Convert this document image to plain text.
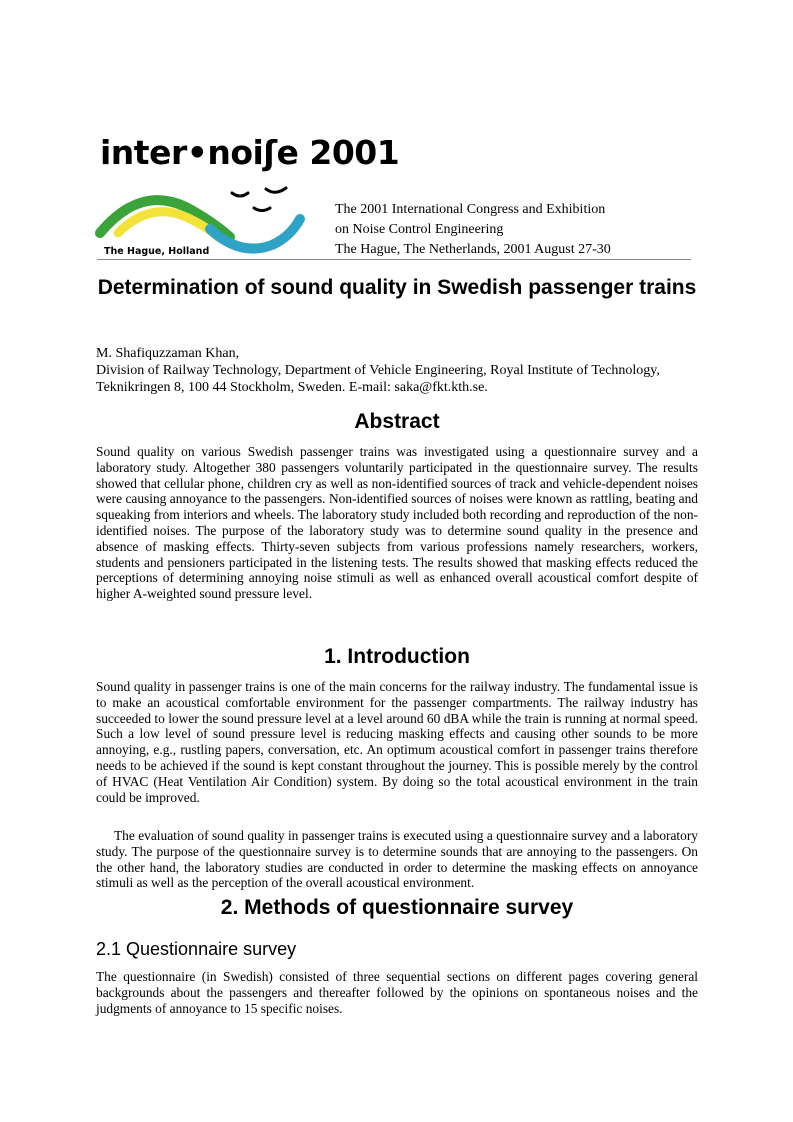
inter•noiʃe 2001
The Hague, Holland
The 2001 International Congress and Exhibition
on Noise Control Engineering
The Hague, The Netherlands, 2001 August 27-30
Determination of sound quality in Swedish passenger trains
M. Shafiquzzaman Khan,
Division of Railway Technology, Department of Vehicle Engineering, Royal Institute of Technology, Teknikringen 8, 100 44 Stockholm, Sweden. E-mail: saka@fkt.kth.se.
Abstract
Sound quality on various Swedish passenger trains was investigated using a questionnaire survey and a laboratory study. Altogether 380 passengers voluntarily participated in the questionnaire survey. The results showed that cellular phone, children cry as well as non-identified sources of track and vehicle-dependent noises were causing annoyance to the passengers. Non-identified sources of noises were known as rattling, beating and squeaking from interiors and wheels. The laboratory study included both recording and reproduction of the non-identified noises. The purpose of the laboratory study was to determine sound quality in the presence and absence of masking effects. Thirty-seven subjects from various professions namely researchers, workers, students and pensioners participated in the listening tests. The results showed that masking effects reduced the perceptions of determining annoying noise stimuli as well as enhanced overall acoustical comfort despite of higher A-weighted sound pressure level.
1. Introduction
Sound quality in passenger trains is one of the main concerns for the railway industry. The fundamental issue is to make an acoustical comfortable environment for the passenger compartments. The railway industry has succeeded to lower the sound pressure level at a level around 60 dBA while the train is running at normal speed. Such a low level of sound pressure level is reducing masking effects and causing other sounds to be more annoying, e.g., rustling papers, conversation, etc. An optimum acoustical comfort in passenger trains therefore needs to be achieved if the sound is kept constant throughout the journey. This is possible merely by the control of HVAC (Heat Ventilation Air Condition) system. By doing so the total acoustical environment in the train could be improved.
The evaluation of sound quality in passenger trains is executed using a questionnaire survey and a laboratory study. The purpose of the questionnaire survey is to determine sounds that are annoying to the passengers. On the other hand, the laboratory studies are conducted in order to determine the masking effects on annoyance stimuli as well as the perception of the overall acoustical environment.
2. Methods of questionnaire survey
2.1 Questionnaire survey
The questionnaire (in Swedish) consisted of three sequential sections on different pages covering general backgrounds about the passengers and thereafter followed by the opinions on spontaneous noises and the judgments of annoyance to 15 specific noises.
